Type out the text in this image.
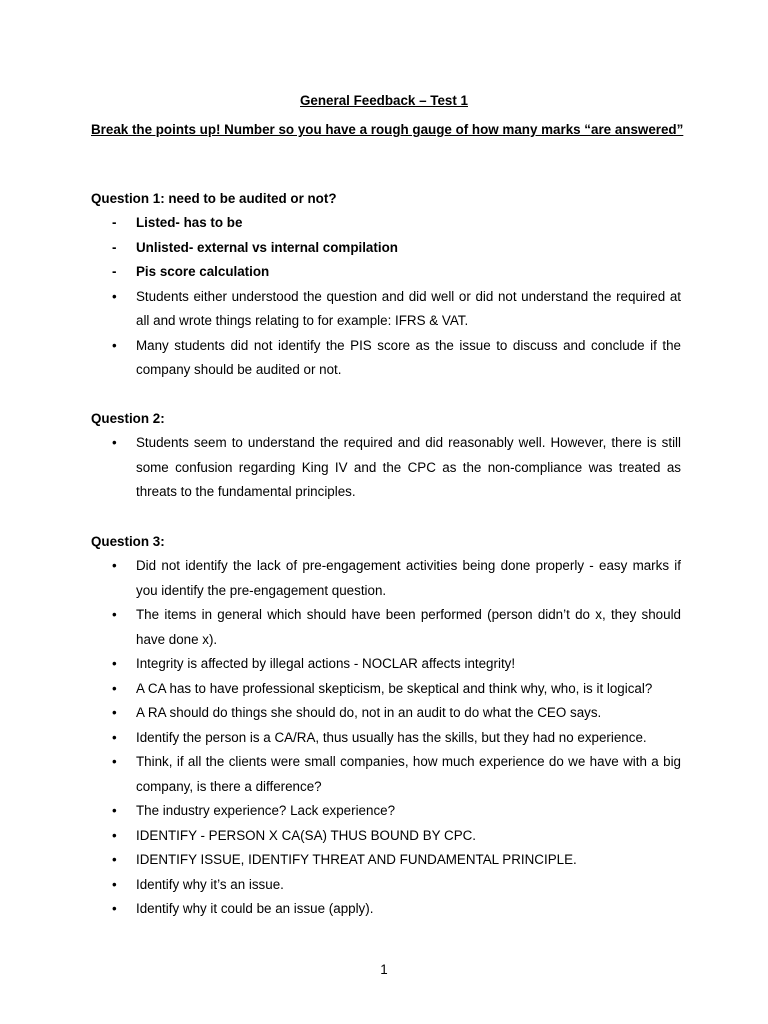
General Feedback – Test 1
Break the points up! Number so you have a rough gauge of how many marks “are answered”
Question 1: need to be audited or not?
-	Listed- has to be
-	Unlisted- external vs internal compilation
-	Pis score calculation
•	Students either understood the question and did well or did not understand the required at all and wrote things relating to for example: IFRS & VAT.
•	Many students did not identify the PIS score as the issue to discuss and conclude if the company should be audited or not.
Question 2:
•	Students seem to understand the required and did reasonably well. However, there is still some confusion regarding King IV and the CPC as the non-compliance was treated as threats to the fundamental principles.
Question 3:
•	Did not identify the lack of pre-engagement activities being done properly - easy marks if you identify the pre-engagement question.
•	The items in general which should have been performed (person didn’t do x, they should have done x).
•	Integrity is affected by illegal actions - NOCLAR affects integrity!
•	A CA has to have professional skepticism, be skeptical and think why, who, is it logical?
•	A RA should do things she should do, not in an audit to do what the CEO says.
•	Identify the person is a CA/RA, thus usually has the skills, but they had no experience.
•	Think, if all the clients were small companies, how much experience do we have with a big company, is there a difference?
•	The industry experience? Lack experience?
•	IDENTIFY - PERSON X CA(SA) THUS BOUND BY CPC.
•	IDENTIFY ISSUE, IDENTIFY THREAT AND FUNDAMENTAL PRINCIPLE.
•	Identify why it’s an issue.
•	Identify why it could be an issue (apply).
1
